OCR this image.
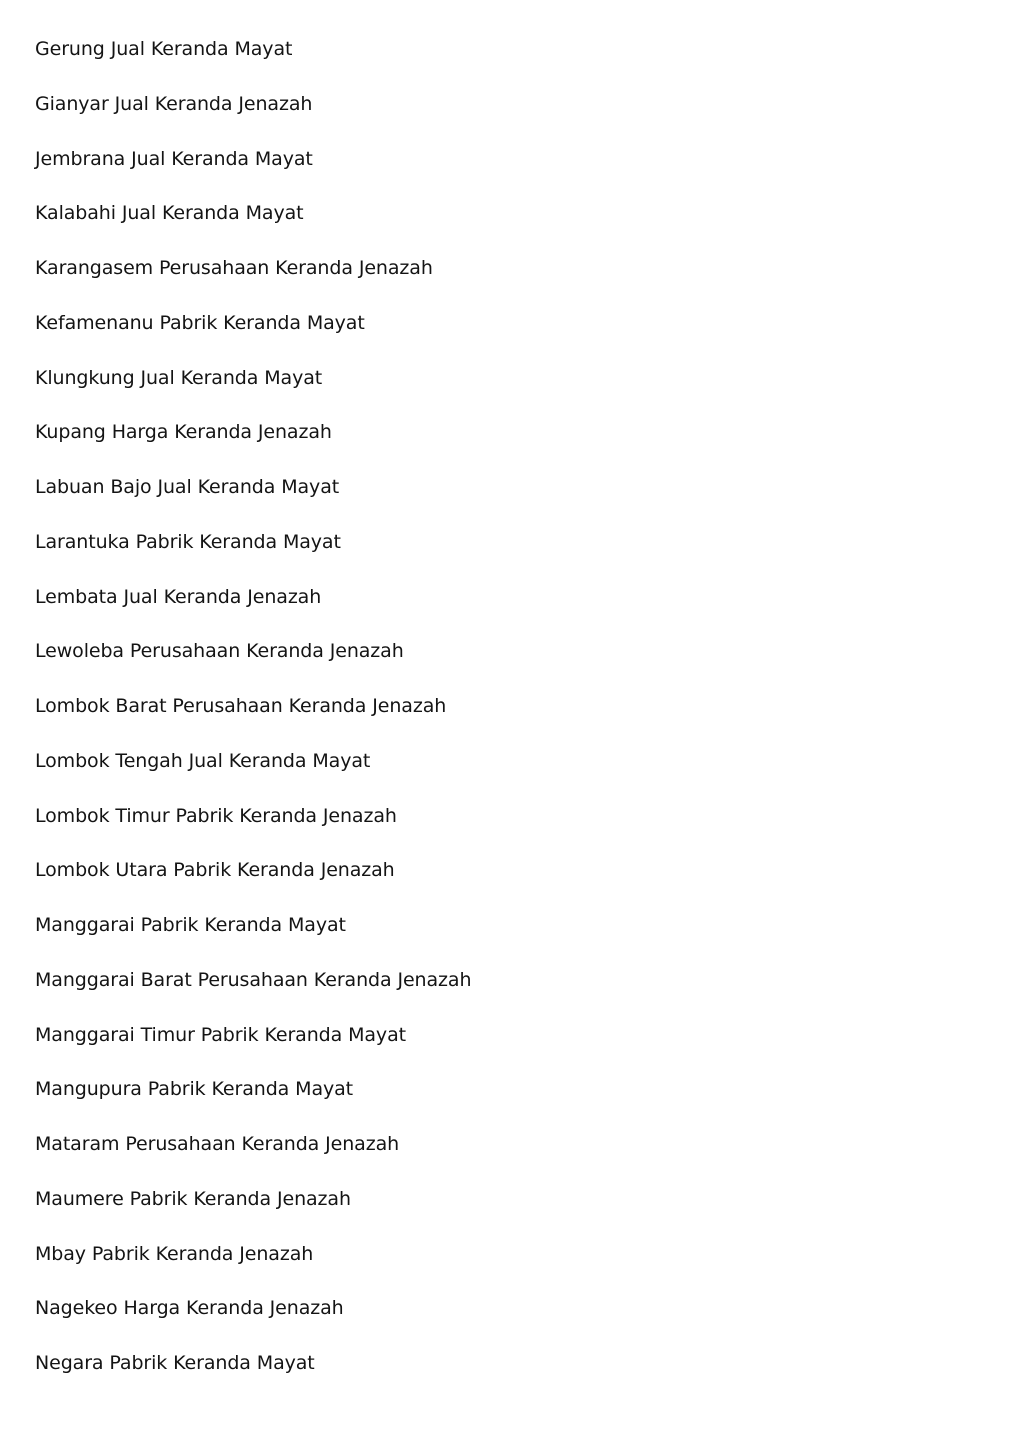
Gerung Jual Keranda Mayat
Gianyar Jual Keranda Jenazah
Jembrana Jual Keranda Mayat
Kalabahi Jual Keranda Mayat
Karangasem Perusahaan Keranda Jenazah
Kefamenanu Pabrik Keranda Mayat
Klungkung Jual Keranda Mayat
Kupang Harga Keranda Jenazah
Labuan Bajo Jual Keranda Mayat
Larantuka Pabrik Keranda Mayat
Lembata Jual Keranda Jenazah
Lewoleba Perusahaan Keranda Jenazah
Lombok Barat Perusahaan Keranda Jenazah
Lombok Tengah Jual Keranda Mayat
Lombok Timur Pabrik Keranda Jenazah
Lombok Utara Pabrik Keranda Jenazah
Manggarai Pabrik Keranda Mayat
Manggarai Barat Perusahaan Keranda Jenazah
Manggarai Timur Pabrik Keranda Mayat
Mangupura Pabrik Keranda Mayat
Mataram Perusahaan Keranda Jenazah
Maumere Pabrik Keranda Jenazah
Mbay Pabrik Keranda Jenazah
Nagekeo Harga Keranda Jenazah
Negara Pabrik Keranda Mayat
